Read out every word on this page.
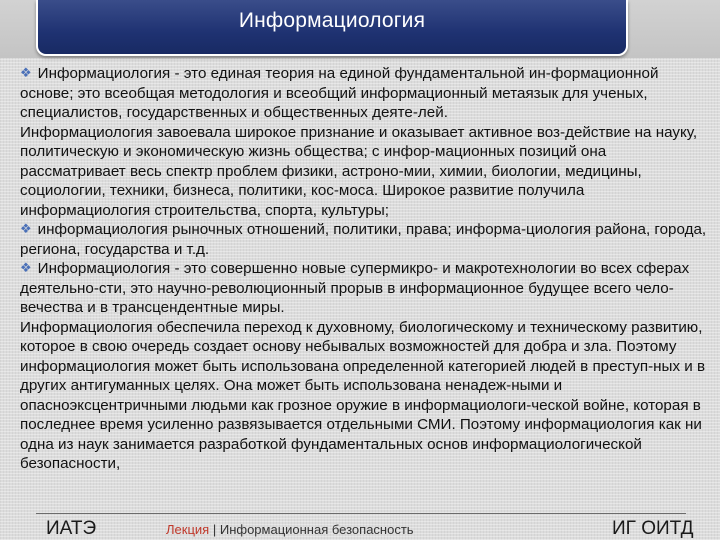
Информациология

❖ Информациология - это единая теория на единой фундаментальной ин-формационной основе; это всеобщая методология и всеобщий информационный метаязык для ученых, специалистов, государственных и общественных деяте-лей.

Информациология завоевала широкое признание и оказывает активное воз-действие на науку, политическую и экономическую жизнь общества; с инфор-мационных позиций она рассматривает весь спектр проблем физики, астроно-мии, химии, биологии, медицины, социологии, техники, бизнеса, политики, кос-моса. Широкое развитие получила информациология строительства, спорта, культуры;

❖ информациология рыночных отношений, политики, права; информа-циология района, города, региона, государства и т.д.

❖ Информациология - это совершенно новые супермикро- и макротехнологии во всех сферах деятельно-сти, это научно-революционный прорыв в информационное будущее всего чело-вечества и в трансцендентные миры.

Информациология обеспечила переход к духовному, биологическому и техническому развитию, которое в свою очередь создает основу небывалых возможностей для добра и зла. Поэтому информациология может быть использована определенной категорией людей в преступ-ных и в других антигуманных целях. Она может быть использована ненадеж-ными и опасноэксцентричными людьми как грозное оружие в информациологи-ческой войне, которая в последнее время усиленно развязывается отдельными СМИ. Поэтому информациология как ни одна из наук занимается разработкой фундаментальных основ информациологической безопасности,

ИАТЭ	Лекция | Информационная безопасность	ИГ ОИТД
